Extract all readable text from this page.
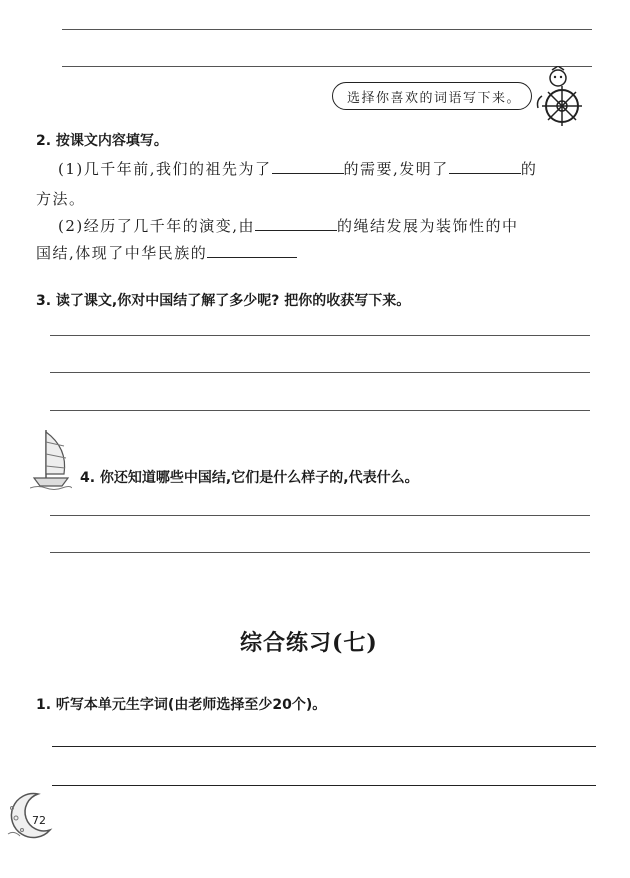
选择你喜欢的词语写下来。
2. 按课文内容填写。
(1)几千年前,我们的祖先为了	的需要,发明了	的
方法。
(2)经历了几千年的演变,由	的绳结发展为装饰性的中
国结,体现了中华民族的
3. 读了课文,你对中国结了解了多少呢? 把你的收获写下来。
4. 你还知道哪些中国结,它们是什么样子的,代表什么。
综合练习(七)
1. 听写本单元生字词(由老师选择至少20个)。
72
